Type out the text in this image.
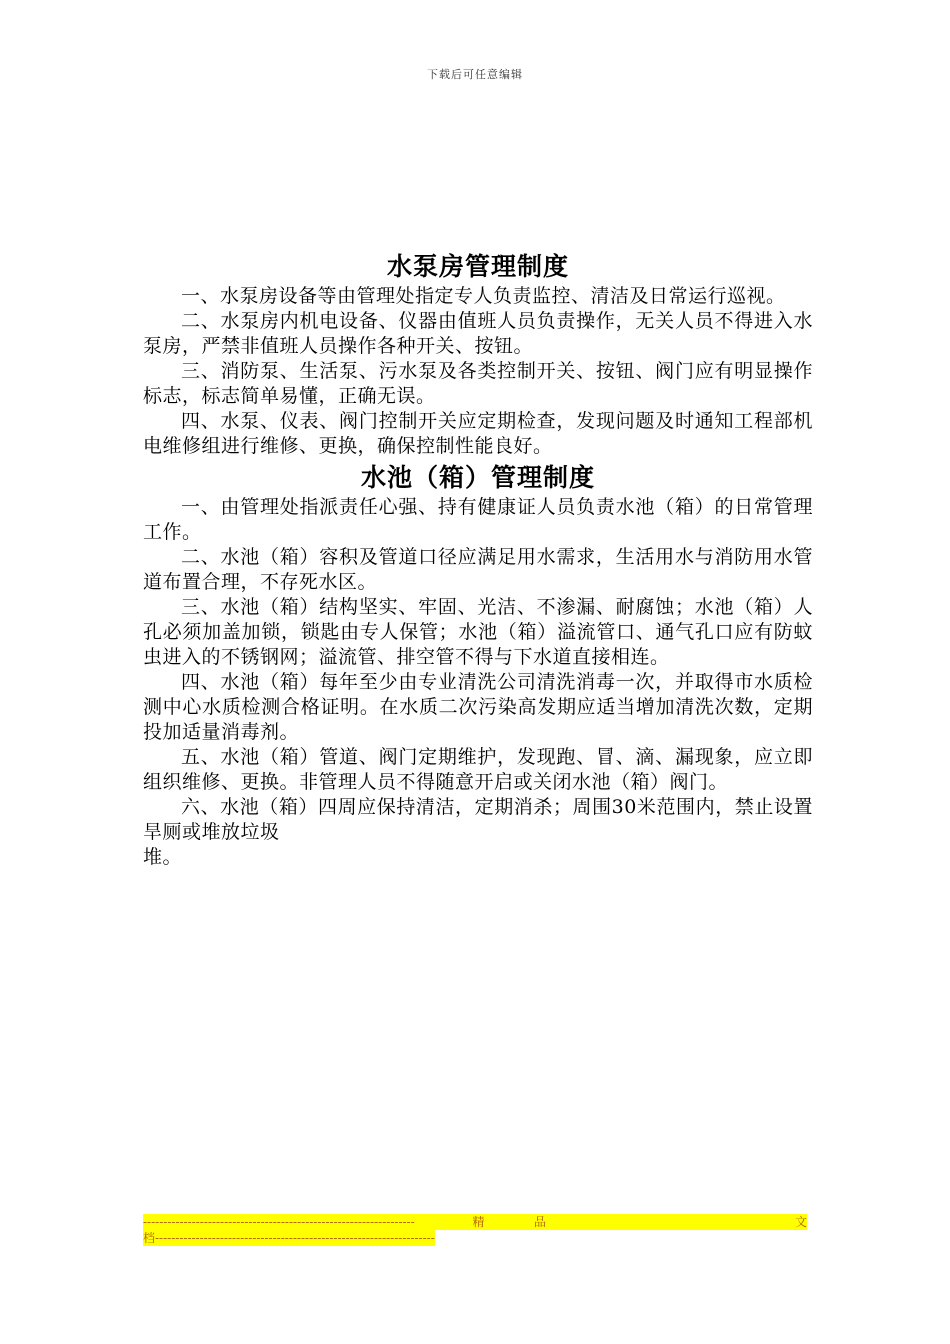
下载后可任意编辑
水泵房管理制度

一、水泵房设备等由管理处指定专人负责监控、清洁及日常运行巡视。

二、水泵房内机电设备、仪器由值班人员负责操作，无关人员不得进入水泵房，严禁非值班人员操作各种开关、按钮。

三、消防泵、生活泵、污水泵及各类控制开关、按钮、阀门应有明显操作标志，标志简单易懂，正确无误。

四、水泵、仪表、阀门控制开关应定期检查，发现问题及时通知工程部机电维修组进行维修、更换，确保控制性能良好。

水池（箱）管理制度

一、由管理处指派责任心强、持有健康证人员负责水池（箱）的日常管理工作。

二、水池（箱）容积及管道口径应满足用水需求，生活用水与消防用水管道布置合理，不存死水区。

三、水池（箱）结构坚实、牢固、光洁、不渗漏、耐腐蚀；水池（箱）人孔必须加盖加锁，锁匙由专人保管；水池（箱）溢流管口、通气孔口应有防蚊虫进入的不锈钢网；溢流管、排空管不得与下水道直接相连。

四、水池（箱）每年至少由专业清洗公司清洗消毒一次，并取得市水质检测中心水质检测合格证明。在水质二次污染高发期应适当增加清洗次数，定期投加适量消毒剂。

五、水池（箱）管道、阀门定期维护，发现跑、冒、滴、漏现象，应立即组织维修、更换。非管理人员不得随意开启或关闭水池（箱）阀门。

六、水池（箱）四周应保持清洁，定期消杀；周围30米范围内，禁止设置旱厕或堆放垃圾

堆。

-------------------------------------------------------------------	精	品	文
档---------------------------------------------------------------------
